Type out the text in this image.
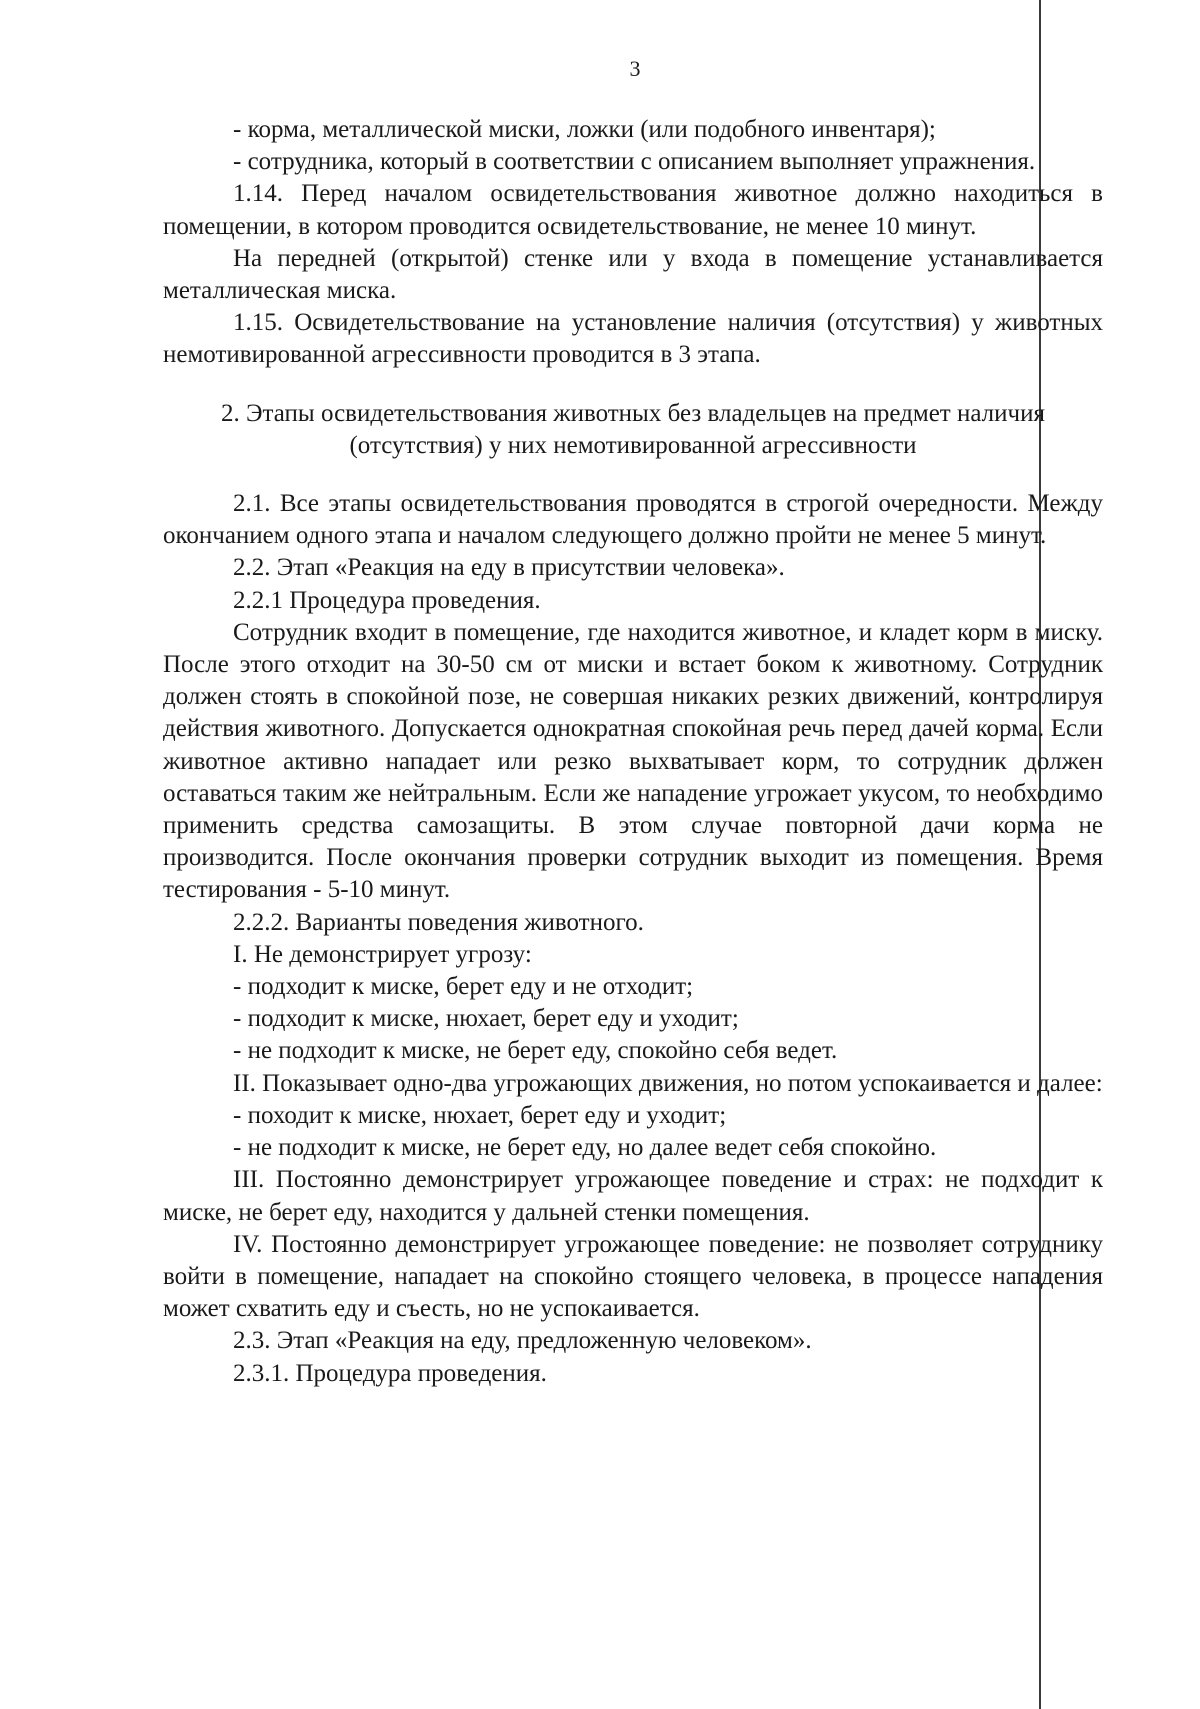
3

- корма, металлической миски, ложки (или подобного инвентаря);

- сотрудника, который в соответствии с описанием выполняет упражнения.

1.14. Перед началом освидетельствования животное должно находиться в помещении, в котором проводится освидетельствование, не менее 10 минут.

На передней (открытой) стенке или у входа в помещение устанавливается металлическая миска.

1.15. Освидетельствование на установление наличия (отсутствия) у животных немотивированной агрессивности проводится в 3 этапа.

2. Этапы освидетельствования животных без владельцев на предмет наличия
(отсутствия) у них немотивированной агрессивности

2.1. Все этапы освидетельствования проводятся в строгой очередности. Между окончанием одного этапа и началом следующего должно пройти не менее 5 минут.

2.2. Этап «Реакция на еду в присутствии человека».

2.2.1 Процедура проведения.

Сотрудник входит в помещение, где находится животное, и кладет корм в миску. После этого отходит на 30-50 см от миски и встает боком к животному. Сотрудник должен стоять в спокойной позе, не совершая никаких резких движений, контролируя действия животного. Допускается однократная спокойная речь перед дачей корма. Если животное активно нападает или резко выхватывает корм, то сотрудник должен оставаться таким же нейтральным. Если же нападение угрожает укусом, то необходимо применить средства самозащиты. В этом случае повторной дачи корма не производится. После окончания проверки сотрудник выходит из помещения. Время тестирования - 5-10 минут.

2.2.2. Варианты поведения животного.

I. Не демонстрирует угрозу:

- подходит к миске, берет еду и не отходит;

- подходит к миске, нюхает, берет еду и уходит;

- не подходит к миске, не берет еду, спокойно себя ведет.

II. Показывает одно-два угрожающих движения, но потом успокаивается и далее:

- походит к миске, нюхает, берет еду и уходит;

- не подходит к миске, не берет еду, но далее ведет себя спокойно.

III. Постоянно демонстрирует угрожающее поведение и страх: не подходит к миске, не берет еду, находится у дальней стенки помещения.

IV. Постоянно демонстрирует угрожающее поведение: не позволяет сотруднику войти в помещение, нападает на спокойно стоящего человека, в процессе нападения может схватить еду и съесть, но не успокаивается.

2.3. Этап «Реакция на еду, предложенную человеком».

2.3.1. Процедура проведения.
